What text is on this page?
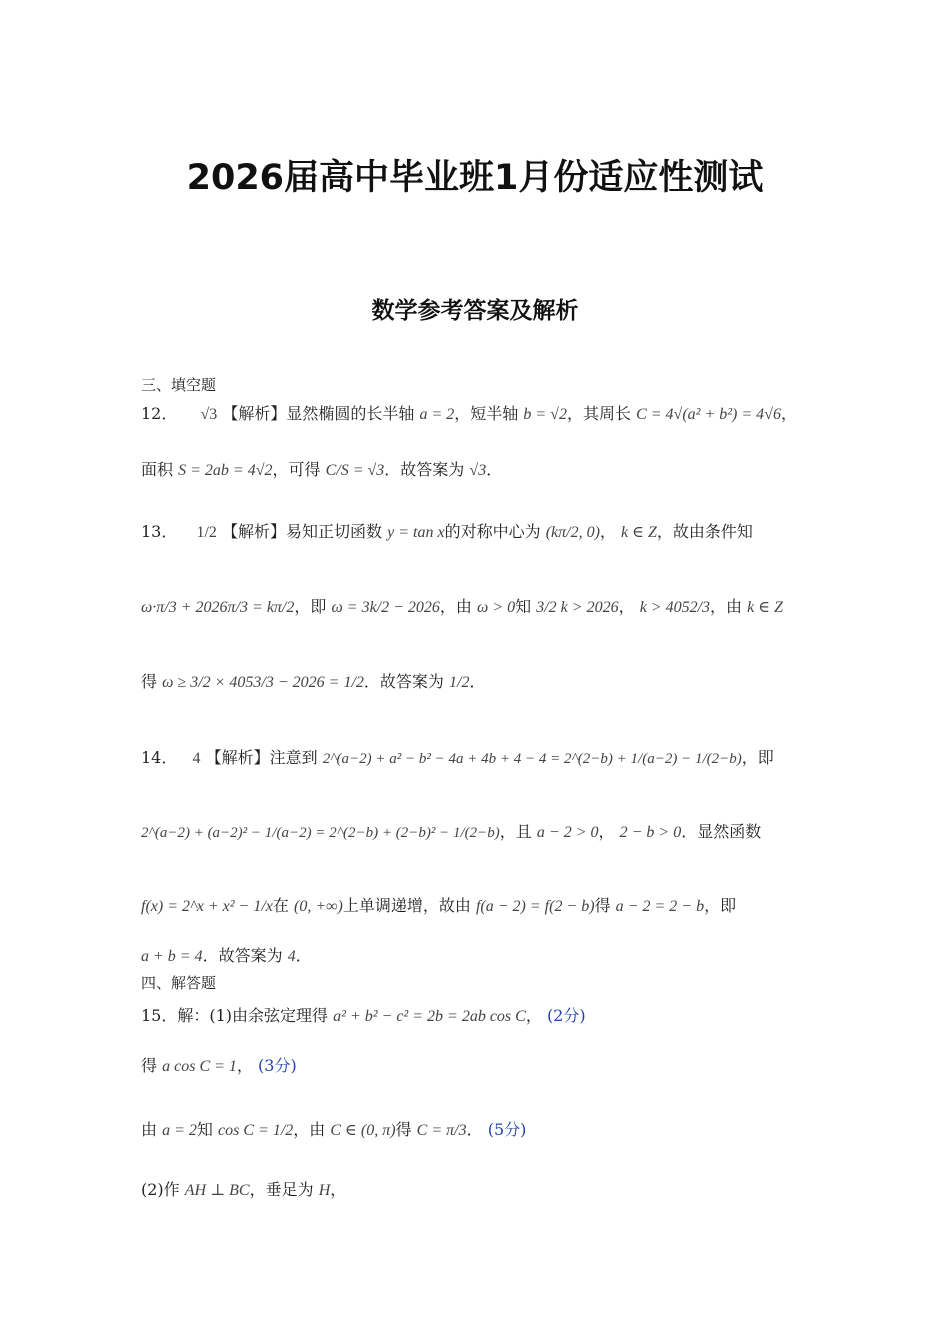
2026届高中毕业班1月份适应性测试
数学参考答案及解析
三、填空题
12． √3 【解析】显然椭圆的长半轴 a = 2，短半轴 b = √2，其周长 C = 4√(a² + b²) = 4√6，
面积 S = 2ab = 4√2，可得 C/S = √3．故答案为 √3．
13． 1/2 【解析】易知正切函数 y = tan x的对称中心为 (kπ/2, 0)， k ∈ Z，故由条件知
ω·π/3 + 2026π/3 = kπ/2，即 ω = 3k/2 − 2026，由 ω > 0知 3/2 k > 2026， k > 4052/3，由 k ∈ Z
得 ω ≥ 3/2 × 4053/3 − 2026 = 1/2．故答案为 1/2．
14． 4 【解析】注意到 2^(a−2) + a² − b² − 4a + 4b + 4 − 4 = 2^(2−b) + 1/(a−2) − 1/(2−b)，即
2^(a−2) + (a−2)² − 1/(a−2) = 2^(2−b) + (2−b)² − 1/(2−b)，且 a − 2 > 0， 2 − b > 0．显然函数
f(x) = 2^x + x² − 1/x在 (0, +∞)上单调递增，故由 f(a − 2) = f(2 − b)得 a − 2 = 2 − b，即
a + b = 4．故答案为 4．
四、解答题
15．解：(1)由余弦定理得 a² + b² − c² = 2b = 2ab cos C， (2分)
得 a cos C = 1， (3分)
由 a = 2知 cos C = 1/2，由 C ∈ (0, π)得 C = π/3． (5分)
(2)作 AH ⊥ BC，垂足为 H，
